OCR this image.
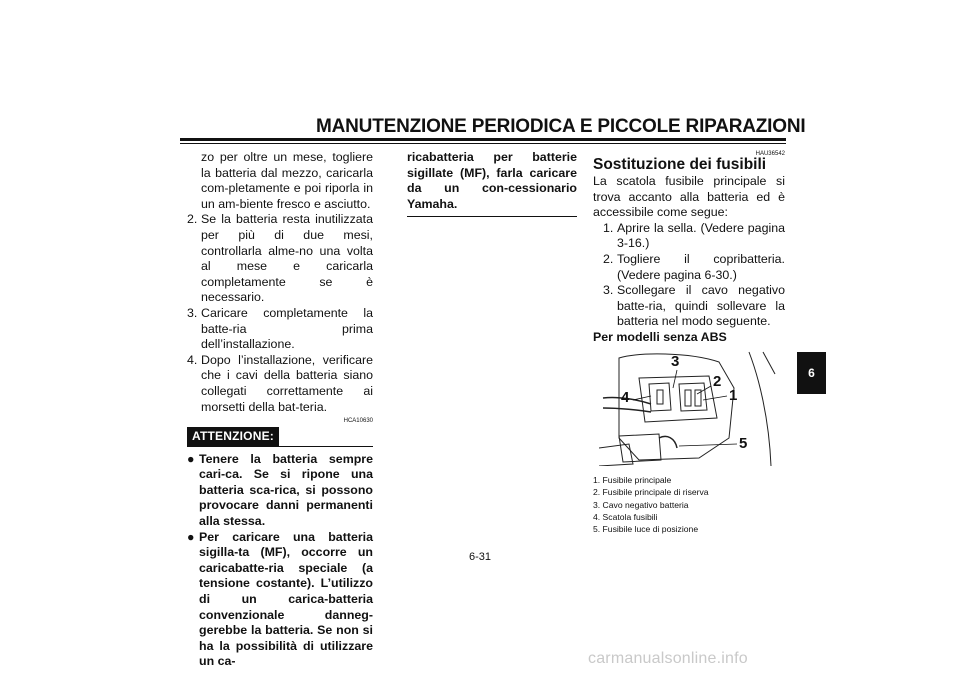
MANUTENZIONE PERIODICA E PICCOLE RIPARAZIONI
zo per oltre un mese, togliere la batteria dal mezzo, caricarla com-pletamente e poi riporla in un am-biente fresco e asciutto.
2. Se la batteria resta inutilizzata per più di due mesi, controllarla alme-no una volta al mese e caricarla completamente se è necessario.
3. Caricare completamente la batte-ria prima dell’installazione.
4. Dopo l’installazione, verificare che i cavi della batteria siano collegati correttamente ai morsetti della bat-teria.
HCA10630
ATTENZIONE:
● Tenere la batteria sempre cari-ca. Se si ripone una batteria sca-rica, si possono provocare danni permanenti alla stessa.
● Per caricare una batteria sigilla-ta (MF), occorre un caricabatte-ria speciale (a tensione costante). L’utilizzo di un carica-batteria convenzionale danneg-gerebbe la batteria. Se non si ha la possibilità di utilizzare un ca-
ricabatteria per batterie sigillate (MF), farla caricare da un con-cessionario Yamaha.
HAU36542
Sostituzione dei fusibili
La scatola fusibile principale si trova accanto alla batteria ed è accessibile come segue:
1. Aprire la sella. (Vedere pagina 3-16.)
2. Togliere il copribatteria. (Vedere pagina 6-30.)
3. Scollegare il cavo negativo batte-ria, quindi sollevare la batteria nel modo seguente.
Per modelli senza ABS
3
2
1
4
5
1. Fusibile principale
2. Fusibile principale di riserva
3. Cavo negativo batteria
4. Scatola fusibili
5. Fusibile luce di posizione
6-31
6
carmanualsonline.info
